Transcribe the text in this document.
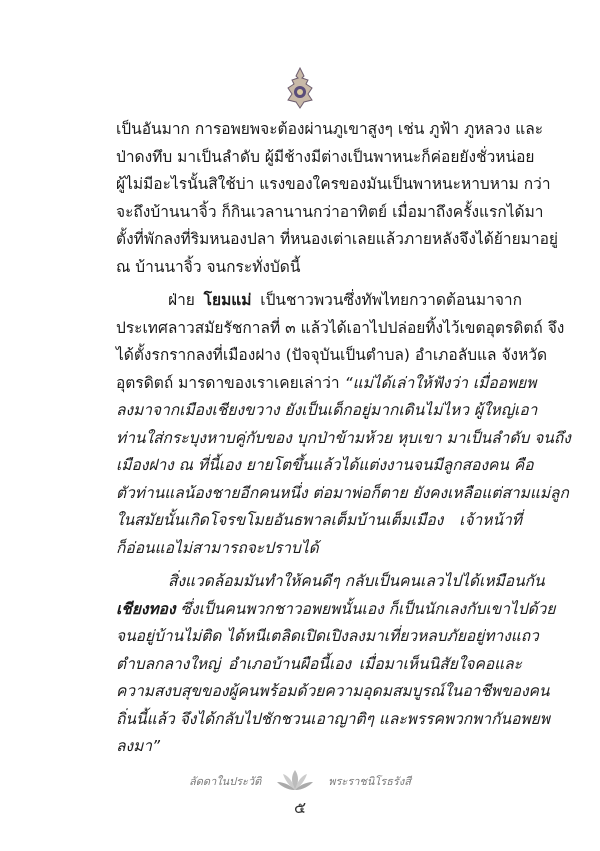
เป็นอันมาก การอพยพจะต้องผ่านภูเขาสูงๆ เช่น ภูฟ้า ภูหลวง และ
ป่าดงทึบ มาเป็นลำดับ ผู้มีช้างมีต่างเป็นพาหนะก็ค่อยยังชั่วหน่อย
ผู้ไม่มีอะไรนั้นสิใช้บ่า แรงของใครของมันเป็นพาหนะหาบหาม กว่า
จะถึงบ้านนาจิ้ว ก็กินเวลานานกว่าอาทิตย์ เมื่อมาถึงครั้งแรกได้มา
ตั้งที่พักลงที่ริมหนองปลา ที่หนองเต่าเลยแล้วภายหลังจึงได้ย้ายมาอยู่
ณ บ้านนาจิ้ว จนกระทั่งบัดนี้
ฝ่าย โยมแม่ เป็นชาวพวนซึ่งทัพไทยกวาดต้อนมาจาก
ประเทศลาวสมัยรัชกาลที่ ๓ แล้วได้เอาไปปล่อยทิ้งไว้เขตอุตรดิตถ์ จึง
ได้ตั้งรกรากลงที่เมืองฝาง (ปัจจุบันเป็นตำบล) อำเภอลับแล จังหวัด
อุตรดิตถ์ มารดาของเราเคยเล่าว่า “แม่ได้เล่าให้ฟังว่า เมื่ออพยพ
ลงมาจากเมืองเชียงขวาง ยังเป็นเด็กอยู่มากเดินไม่ไหว ผู้ใหญ่เอา
ท่านใส่กระบุงหาบคู่กับของ บุกป่าข้ามห้วย หุบเขา มาเป็นลำดับ จนถึง
เมืองฝาง ณ ที่นี้เอง ยายโตขึ้นแล้วได้แต่งงานจนมีลูกสองคน คือ
ตัวท่านแลน้องชายอีกคนหนึ่ง ต่อมาพ่อก็ตาย ยังคงเหลือแต่สามแม่ลูก
ในสมัยนั้นเกิดโจรขโมยอันธพาลเต็มบ้านเต็มเมือง เจ้าหน้าที่
ก็อ่อนแอไม่สามารถจะปราบได้
สิ่งแวดล้อมมันทำให้คนดีๆ กลับเป็นคนเลวไปได้เหมือนกัน
เชียงทอง ซึ่งเป็นคนพวกชาวอพยพนั้นเอง ก็เป็นนักเลงกับเขาไปด้วย
จนอยู่บ้านไม่ติด ได้หนีเตลิดเปิดเปิงลงมาเที่ยวหลบภัยอยู่ทางแถว
ตำบลกลางใหญ่ อำเภอบ้านผือนี้เอง เมื่อมาเห็นนิสัยใจคอและ
ความสงบสุขของผู้คนพร้อมด้วยความอุดมสมบูรณ์ในอาชีพของคน
ถิ่นนี้แล้ว จึงได้กลับไปชักชวนเอาญาติๆ และพรรคพวกพากันอพยพ
ลงมา”
ลัดดาในประวัติ	พระราชนิโรธรังสี
๕
